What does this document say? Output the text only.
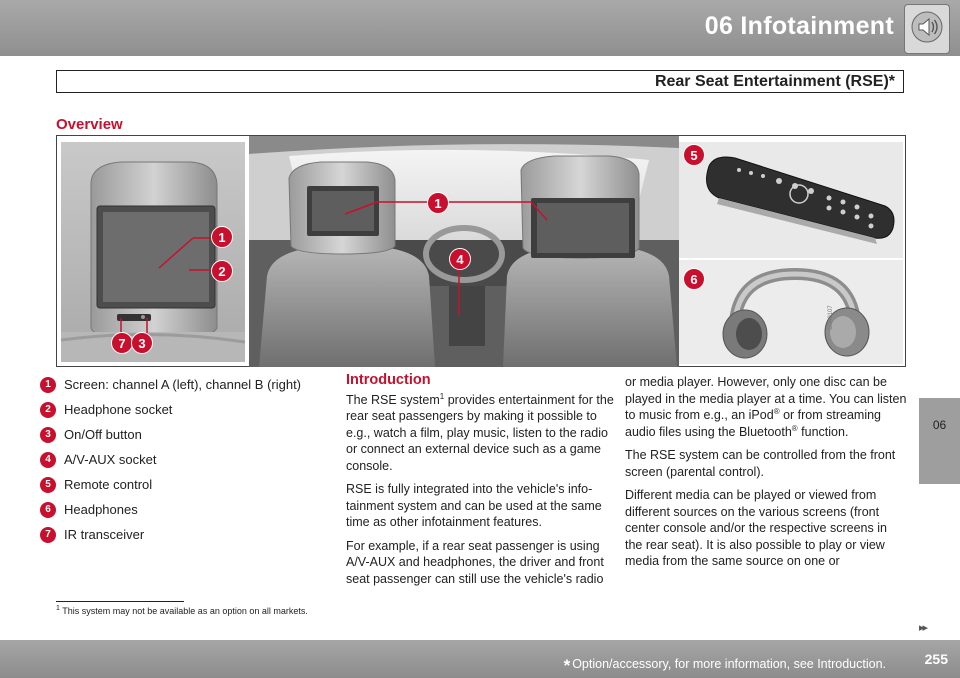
06 Infotainment
Rear Seat Entertainment (RSE)*
Overview
1
2
7 3
1
4
5
6
G040107
1	Screen: channel A (left), channel B (right)
2	Headphone socket
3	On/Off button
4	A/V-AUX socket
5	Remote control
6	Headphones
7	IR transceiver
Introduction

The RSE system$^1$ provides entertainment for the rear seat passengers by making it possible to e.g., watch a film, play music, listen to the radio or connect an external device such as a game console.

RSE is fully integrated into the vehicle's info-tainment system and can be used at the same time as other infotainment features.

For example, if a rear seat passenger is using A/V-AUX and headphones, the driver and front seat passenger can still use the vehicle's radio

or media player. However, only one disc can be played in the media player at a time. You can listen to music from e.g., an iPod® or from streaming audio files using the Bluetooth® function.

The RSE system can be controlled from the front screen (parental control).

Different media can be played or viewed from different sources on the various screens (front center console and/or the respective screens in the rear seat). It is also possible to play or view media from the same source on one or

06
$^1$ This system may not be available as an option on all markets.
▸▸
* Option/accessory, for more information, see Introduction.	255
